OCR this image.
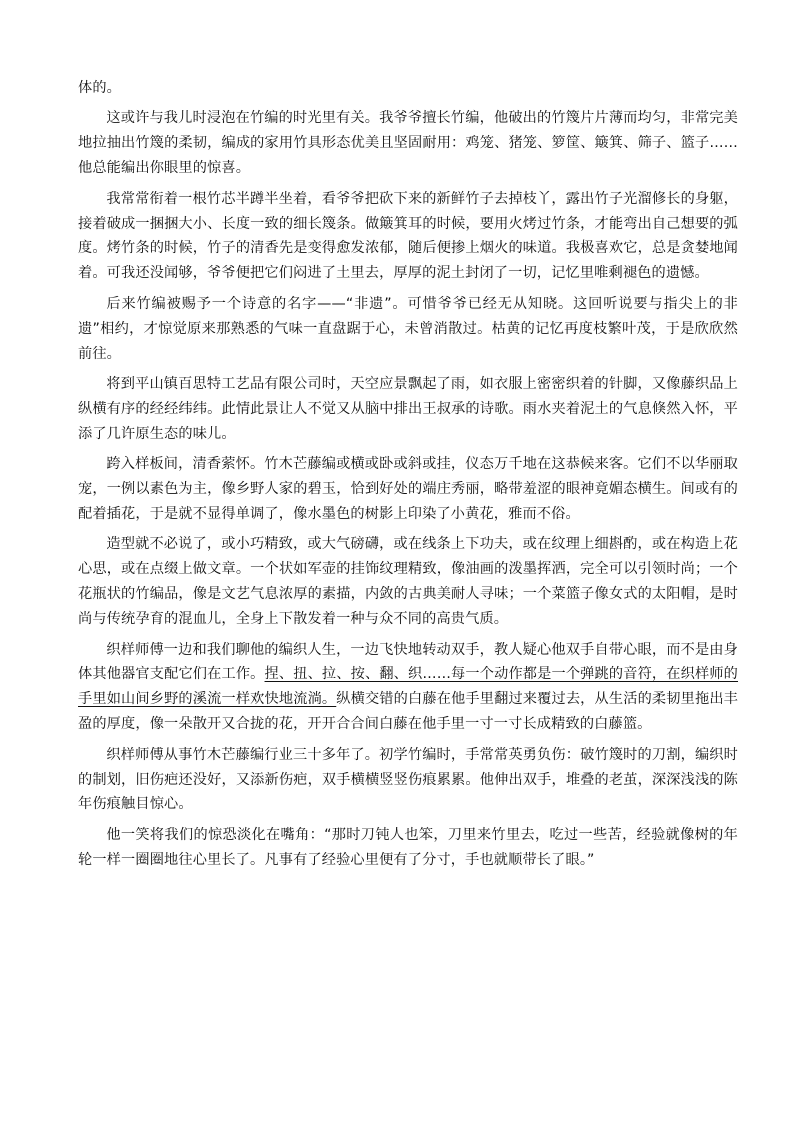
体的。

这或许与我儿时浸泡在竹编的时光里有关。我爷爷擅长竹编，他破出的竹篾片片薄而均匀，非常完美地拉抽出竹篾的柔韧，编成的家用竹具形态优美且坚固耐用：鸡笼、猪笼、箩筐、簸箕、筛子、篮子……他总能编出你眼里的惊喜。

我常常衔着一根竹芯半蹲半坐着，看爷爷把砍下来的新鲜竹子去掉枝丫，露出竹子光溜修长的身躯，接着破成一捆捆大小、长度一致的细长篾条。做簸箕耳的时候，要用火烤过竹条，才能弯出自己想要的弧度。烤竹条的时候，竹子的清香先是变得愈发浓郁，随后便掺上烟火的味道。我极喜欢它，总是贪婪地闻着。可我还没闻够，爷爷便把它们闷进了土里去，厚厚的泥土封闭了一切，记忆里唯剩褪色的遗憾。

后来竹编被赐予一个诗意的名字——“非遗”。可惜爷爷已经无从知晓。这回听说要与指尖上的非遗”相约，才惊觉原来那熟悉的气味一直盘踞于心，未曾消散过。枯黄的记忆再度枝繁叶茂，于是欣欣然前往。

将到平山镇百思特工艺品有限公司时，天空应景飘起了雨，如衣服上密密织着的针脚，又像藤织品上纵横有序的经经纬纬。此情此景让人不觉又从脑中排出王叔承的诗歌。雨水夹着泥土的气息倏然入怀，平添了几许原生态的味儿。

跨入样板间，清香萦怀。竹木芒藤编或横或卧或斜或挂，仪态万千地在这恭候来客。它们不以华丽取宠，一例以素色为主，像乡野人家的碧玉，恰到好处的端庄秀丽，略带羞涩的眼神竟媚态横生。间或有的配着插花，于是就不显得单调了，像水墨色的树影上印染了小黄花，雅而不俗。

造型就不必说了，或小巧精致，或大气磅礴，或在线条上下功夫，或在纹理上细斟酌，或在构造上花心思，或在点缀上做文章。一个状如军壶的挂饰纹理精致，像油画的泼墨挥洒，完全可以引领时尚；一个花瓶状的竹编品，像是文艺气息浓厚的素描，内敛的古典美耐人寻味；一个菜篮子像女式的太阳帽，是时尚与传统孕育的混血儿，全身上下散发着一种与众不同的高贵气质。

织样师傅一边和我们聊他的编织人生，一边飞快地转动双手，教人疑心他双手自带心眼，而不是由身体其他器官支配它们在工作。捏、扭、拉、按、翻、织……每一个动作都是一个弹跳的音符，在织样师的手里如山间乡野的溪流一样欢快地流淌。纵横交错的白藤在他手里翻过来覆过去，从生活的柔韧里拖出丰盈的厚度，像一朵散开又合拢的花，开开合合间白藤在他手里一寸一寸长成精致的白藤篮。

织样师傅从事竹木芒藤编行业三十多年了。初学竹编时，手常常英勇负伤：破竹篾时的刀割，编织时的制划，旧伤疤还没好，又添新伤疤，双手横横竖竖伤痕累累。他伸出双手，堆叠的老茧，深深浅浅的陈年伤痕触目惊心。

他一笑将我们的惊恐淡化在嘴角：“那时刀钝人也笨，刀里来竹里去，吃过一些苦，经验就像树的年轮一样一圈圈地往心里长了。凡事有了经验心里便有了分寸，手也就顺带长了眼。”
